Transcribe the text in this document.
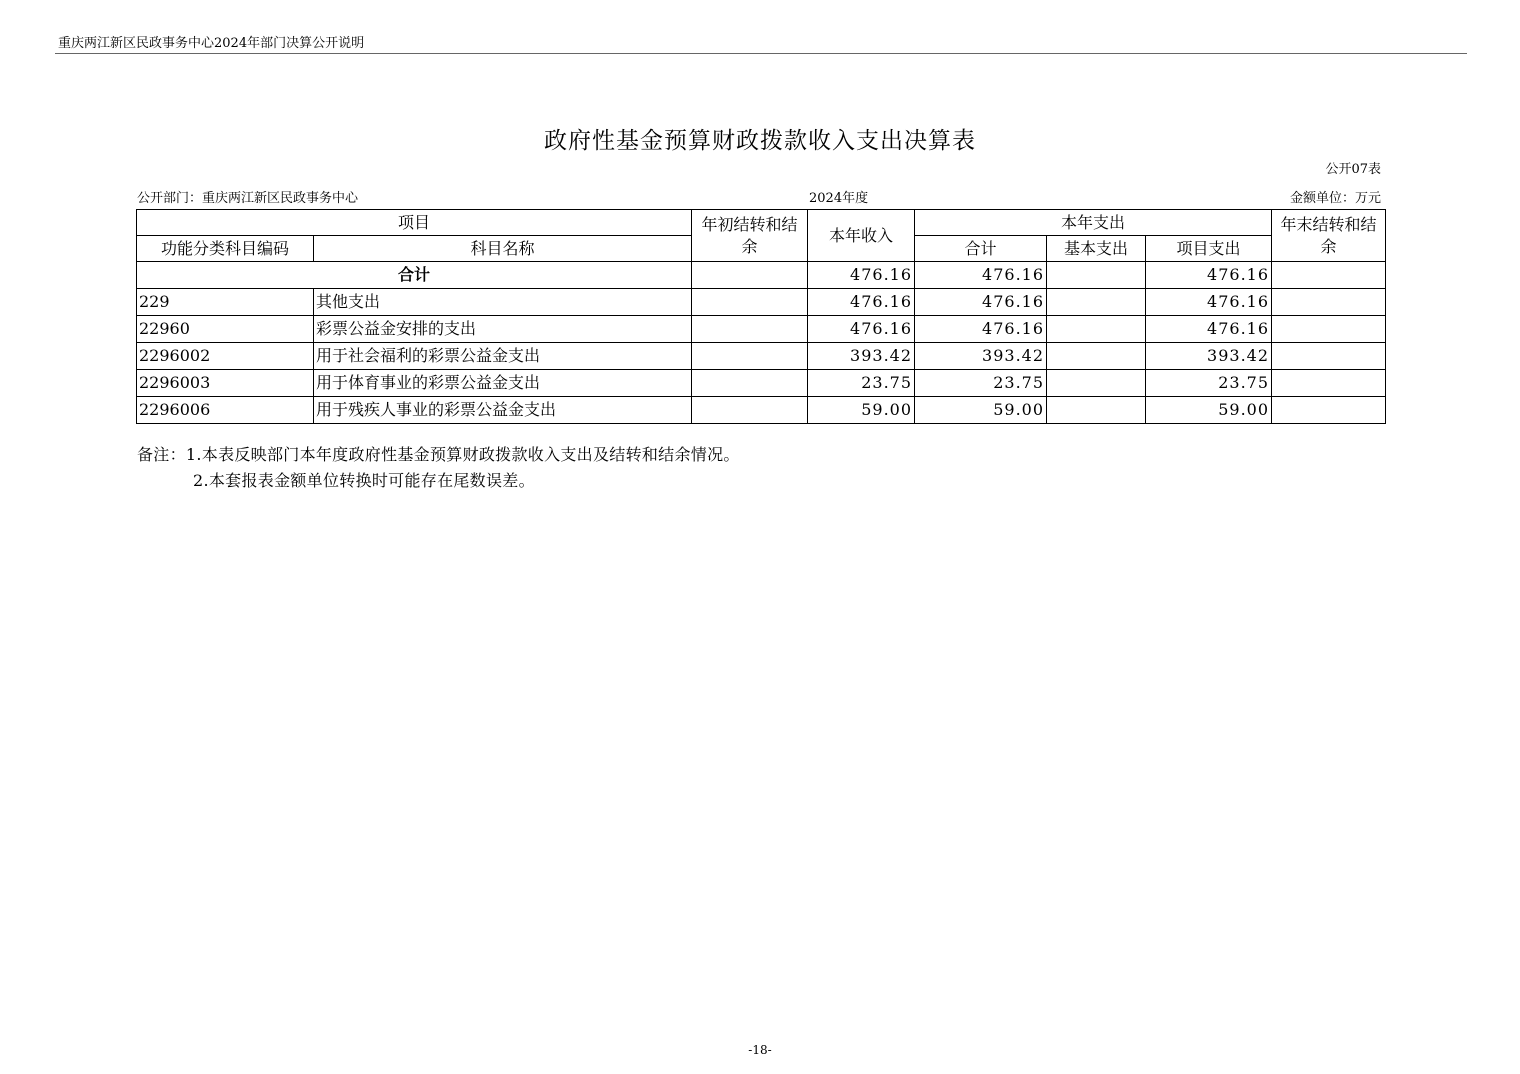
重庆两江新区民政事务中心2024年部门决算公开说明
政府性基金预算财政拨款收入支出决算表
公开07表
公开部门：重庆两江新区民政事务中心	2024年度	金额单位：万元
项目		年初结转和结余	本年收入	本年支出			年末结转和结余
功能分类科目编码	科目名称			合计	基本支出	项目支出	
合计			476.16	476.16		476.16	
229	其他支出		476.16	476.16		476.16	
22960	彩票公益金安排的支出		476.16	476.16		476.16	
2296002	用于社会福利的彩票公益金支出		393.42	393.42		393.42	
2296003	用于体育事业的彩票公益金支出		23.75	23.75		23.75	
2296006	用于残疾人事业的彩票公益金支出		59.00	59.00		59.00	
备注：1.本表反映部门本年度政府性基金预算财政拨款收入支出及结转和结余情况。
2.本套报表金额单位转换时可能存在尾数误差。
-18-
